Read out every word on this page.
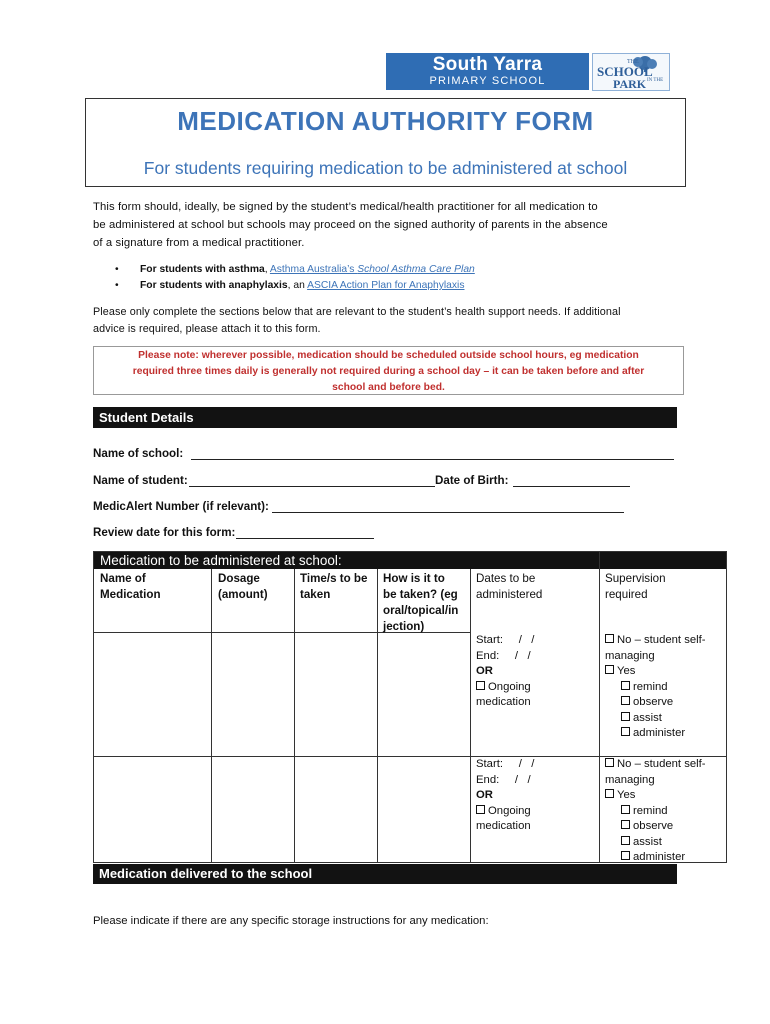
South Yarra
PRIMARY SCHOOL
THE
SCHOOL
IN THE
PARK
MEDICATION AUTHORITY FORM
For students requiring medication to be administered at school
This form should, ideally, be signed by the student’s medical/health practitioner for all medication to
be administered at school but schools may proceed on the signed authority of parents in the absence
of a signature from a medical practitioner.
• For students with asthma, Asthma Australia’s School Asthma Care Plan
• For students with anaphylaxis, an ASCIA Action Plan for Anaphylaxis
Please only complete the sections below that are relevant to the student’s health support needs. If additional
advice is required, please attach it to this form.
Please note: wherever possible, medication should be scheduled outside school hours, eg medication
required three times daily is generally not required during a school day – it can be taken before and after
school and before bed.
Student Details
Name of school:
Name of student:	Date of Birth:
MedicAlert Number (if relevant):
Review date for this form:
Medication to be administered at school:
Name of
Medication
Dosage
(amount)
Time/s to be
taken
How is it to
be taken? (eg
oral/topical/in
jection)
Dates to be
administered
Supervision
required
Start:     /   /
End:     /   /
OR
Ongoing
medication
No – student self-
managing
Yes
remind
observe
assist
administer
Start:     /   /
End:     /   /
OR
Ongoing
medication
No – student self-
managing
Yes
remind
observe
assist
administer
Medication delivered to the school
Please indicate if there are any specific storage instructions for any medication:
